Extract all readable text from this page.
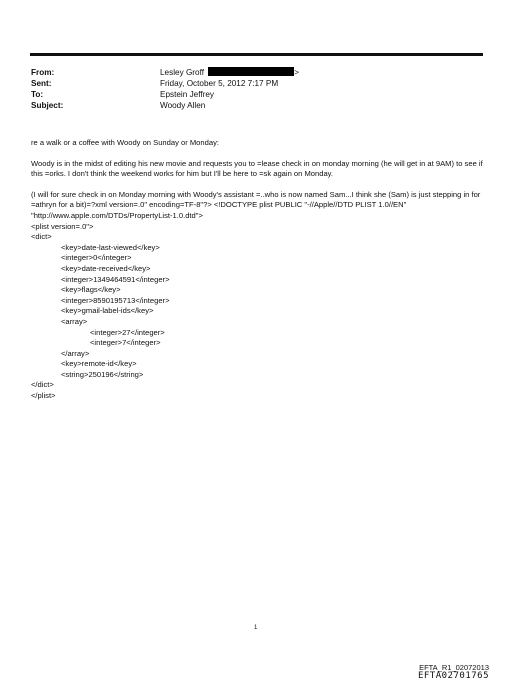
From:	Lesley Groff	>
Sent:	Friday, October 5, 2012 7:17 PM
To:	Epstein Jeffrey
Subject:	Woody Allen

re a walk or a coffee with Woody on Sunday or Monday:

Woody is in the midst of editing his new movie and requests you to =lease check in on monday morning (he will get in at 9AM) to see if this =orks. I don't think the weekend works for him but I'll be here to =sk again on Monday.

(I will for sure check in on Monday morning with Woody's assistant =..who is now named Sam...I think she (Sam) is just stepping in for =athryn for a bit)=?xml version=.0" encoding=TF-8"?> <!DOCTYPE plist PUBLIC "-//Apple//DTD PLIST 1.0//EN" "http://www.apple.com/DTDs/PropertyList-1.0.dtd">

<plist version=.0">
<dict>
<key>date-last-viewed</key>
<integer>0</integer>
<key>date-received</key>
<integer>1349464591</integer>
<key>flags</key>
<integer>8590195713</integer>
<key>gmail-label-ids</key>
<array>
<integer>27</integer>
<integer>7</integer>
</array>
<key>remote-id</key>
<string>250196</string>
</dict>
</plist>
1
EFTA_R1_02072013
EFTA02701765
